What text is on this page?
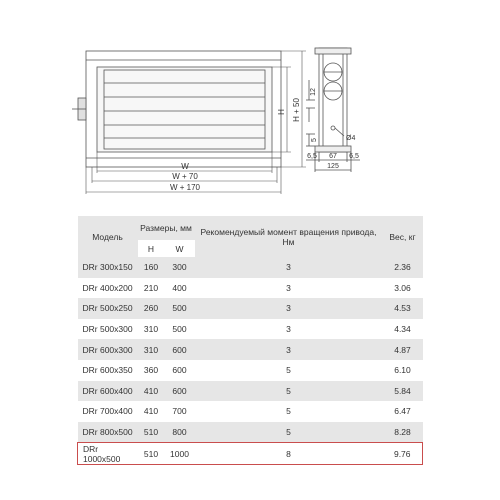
H H + 50
W
W + 70
W + 170
12
5	Ø4
6,5 67 6,5
125
Модель	Размеры, мм		Рекомендуемый момент вращения привода, Нм	Вес, кг
	H	W		
DRr 300x150	160	300	3	2.36
DRr 400x200	210	400	3	3.06
DRr 500x250	260	500	3	4.53
DRr 500x300	310	500	3	4.34
DRr 600x300	310	600	3	4.87
DRr 600x350	360	600	5	6.10
DRr 600x400	410	600	5	5.84
DRr 700x400	410	700	5	6.47
DRr 800x500	510	800	5	8.28
DRr 1000x500	510	1000	8	9.76
